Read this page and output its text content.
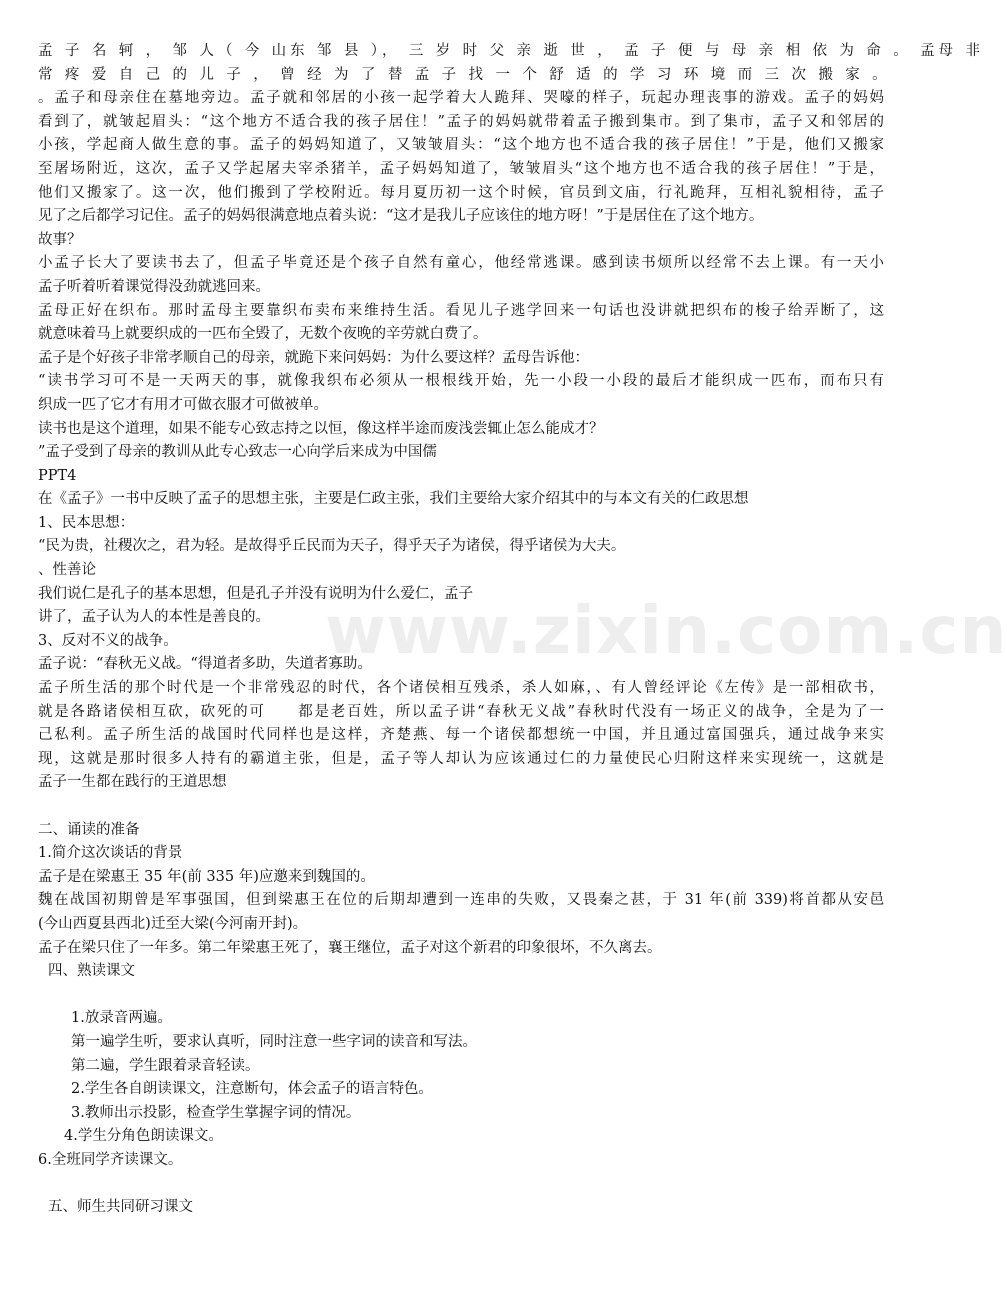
www.zixin.com.cn
孟 子 名 轲 ， 邹 人（ 今 山东 邹 县 ）， 三 岁 时 父 亲 逝 世 ， 孟 子 便 与 母 亲 相 依 为 命 。 孟母 非
常 疼 爱 自 己 的 儿 子 ， 曾 经 为 了 替 孟 子 找 一 个 舒 适 的 学 习 环 境 而 三 次 搬 家 。
。孟子和母亲住在墓地旁边。孟子就和邻居的小孩一起学着大人跪拜、哭嚎的样子，玩起办理丧事的游戏。孟子的妈妈
看到了，就皱起眉头：“这个地方不适合我的孩子居住！”孟子的妈妈就带着孟子搬到集市。到了集市，孟子又和邻居的
小孩，学起商人做生意的事。孟子的妈妈知道了，又皱皱眉头：“这个地方也不适合我的孩子居住！”于是，他们又搬家
至屠场附近，这次，孟子又学起屠夫宰杀猪羊，孟子妈妈知道了，皱皱眉头“这个地方也不适合我的孩子居住！”于是，
他们又搬家了。这一次，他们搬到了学校附近。每月夏历初一这个时候，官员到文庙，行礼跪拜，互相礼貌相待，孟子
见了之后都学习记住。孟子的妈妈很满意地点着头说：“这才是我儿子应该住的地方呀！”于是居住在了这个地方。
故事？
小孟子长大了要读书去了，但孟子毕竟还是个孩子自然有童心，他经常逃课。感到读书烦所以经常不去上课。有一天小
孟子听着听着课觉得没劲就逃回来。
孟母正好在织布。那时孟母主要靠织布卖布来维持生活。看见儿子逃学回来一句话也没讲就把织布的梭子给弄断了，这
就意味着马上就要织成的一匹布全毁了，无数个夜晚的辛劳就白费了。
孟子是个好孩子非常孝顺自己的母亲，就跪下来问妈妈：为什么要这样？孟母告诉他：
“读书学习可不是一天两天的事，就像我织布必须从一根根线开始，先一小段一小段的最后才能织成一匹布，而布只有
织成一匹了它才有用才可做衣服才可做被单。
读书也是这个道理，如果不能专心致志持之以恒，像这样半途而废浅尝辄止怎么能成才？
”孟子受到了母亲的教训从此专心致志一心向学后来成为中国儒
PPT4
在《孟子》一书中反映了孟子的思想主张，主要是仁政主张，我们主要给大家介绍其中的与本文有关的仁政思想
1、民本思想：
“民为贵，社稷次之，君为轻。是故得乎丘民而为天子，得乎天子为诸侯，得乎诸侯为大夫。
、性善论
我们说仁是孔子的基本思想，但是孔子并没有说明为什么爱仁，孟子
讲了，孟子认为人的本性是善良的。
3、反对不义的战争。
孟子说：“春秋无义战。“得道者多助，失道者寡助。
孟子所生活的那个时代是一个非常残忍的时代，各个诸侯相互残杀，杀人如麻，、有人曾经评论《左传》是一部相砍书，
就是各路诸侯相互砍，砍死的可　　都是老百姓，所以孟子讲“春秋无义战”春秋时代没有一场正义的战争，全是为了一
己私利。孟子所生活的战国时代同样也是这样，齐楚燕、每一个诸侯都想统一中国，并且通过富国强兵，通过战争来实
现，这就是那时很多人持有的霸道主张，但是，孟子等人却认为应该通过仁的力量使民心归附这样来实现统一，这就是
孟子一生都在践行的王道思想
二、诵读的准备
1.简介这次谈话的背景
孟子是在梁惠王 35 年(前 335 年)应邀来到魏国的。
魏在战国初期曾是军事强国，但到梁惠王在位的后期却遭到一连串的失败，又畏秦之甚，于 31 年(前 339)将首都从安邑
(今山西夏县西北)迁至大梁(今河南开封)。
孟子在梁只住了一年多。第二年梁惠王死了，襄王继位，孟子对这个新君的印象很坏，不久离去。
四、熟读课文
1.放录音两遍。
第一遍学生听，要求认真听，同时注意一些字词的读音和写法。
第二遍，学生跟着录音轻读。
2.学生各自朗读课文，注意断句，体会孟子的语言特色。
3.教师出示投影，检查学生掌握字词的情况。
4.学生分角色朗读课文。
6.全班同学齐读课文。
五、师生共同研习课文
